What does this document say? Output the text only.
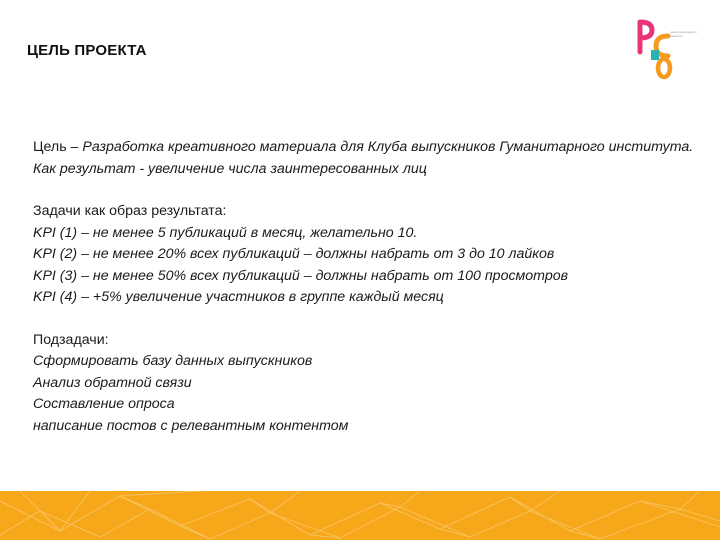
ЦЕЛЬ ПРОЕКТА
школа креативного развития
Цель – Разработка креативного материала для Клуба выпускников Гуманитарного института. Как результат - увеличение числа заинтересованных лиц
Задачи как образ результата:
KPI (1) – не менее 5 публикаций в месяц, желательно 10.
KPI (2) – не менее 20% всех публикаций – должны набрать от 3 до 10 лайков
KPI (3) – не менее 50% всех публикаций – должны набрать от 100 просмотров
KPI (4) – +5% увеличение участников в группе каждый месяц
Подзадачи:
Сформировать базу данных выпускников
Анализ обратной связи
Составление опроса
написание постов с релевантным контентом
